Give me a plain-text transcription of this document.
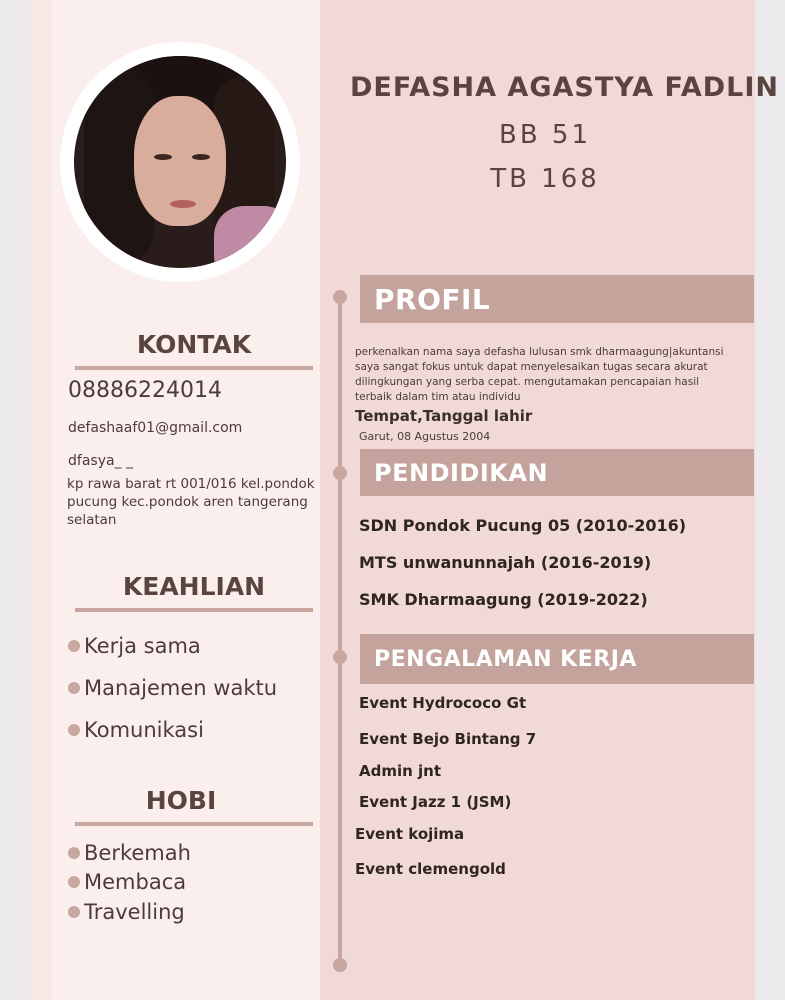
DEFASHA AGASTYA FADLIN

BB 51

TB 168

KONTAK

08886224014

defashaaf01@gmail.com

dfasya_ _

kp rawa barat rt 001/016 kel.pondok

pucung kec.pondok aren tangerang

selatan

KEAHLIAN
Kerja sama
Manajemen waktu
Komunikasi
HOBI
Berkemah
Membaca
Travelling
PROFIL

perkenalkan nama saya defasha lulusan smk dharmaagung|akuntansi

saya sangat fokus untuk dapat menyelesaikan tugas secara akurat

dilingkungan yang serba cepat. mengutamakan pencapaian hasil

terbaik dalam tim atau individu

Tempat,Tanggal lahir

Garut, 08 Agustus 2004

PENDIDIKAN

SDN Pondok Pucung 05 (2010-2016)

MTS unwanunnajah (2016-2019)

SMK Dharmaagung (2019-2022)

PENGALAMAN KERJA

Event Hydrococo Gt

Event Bejo Bintang 7

Admin jnt

Event Jazz 1 (JSM)

Event kojima

Event clemengold
